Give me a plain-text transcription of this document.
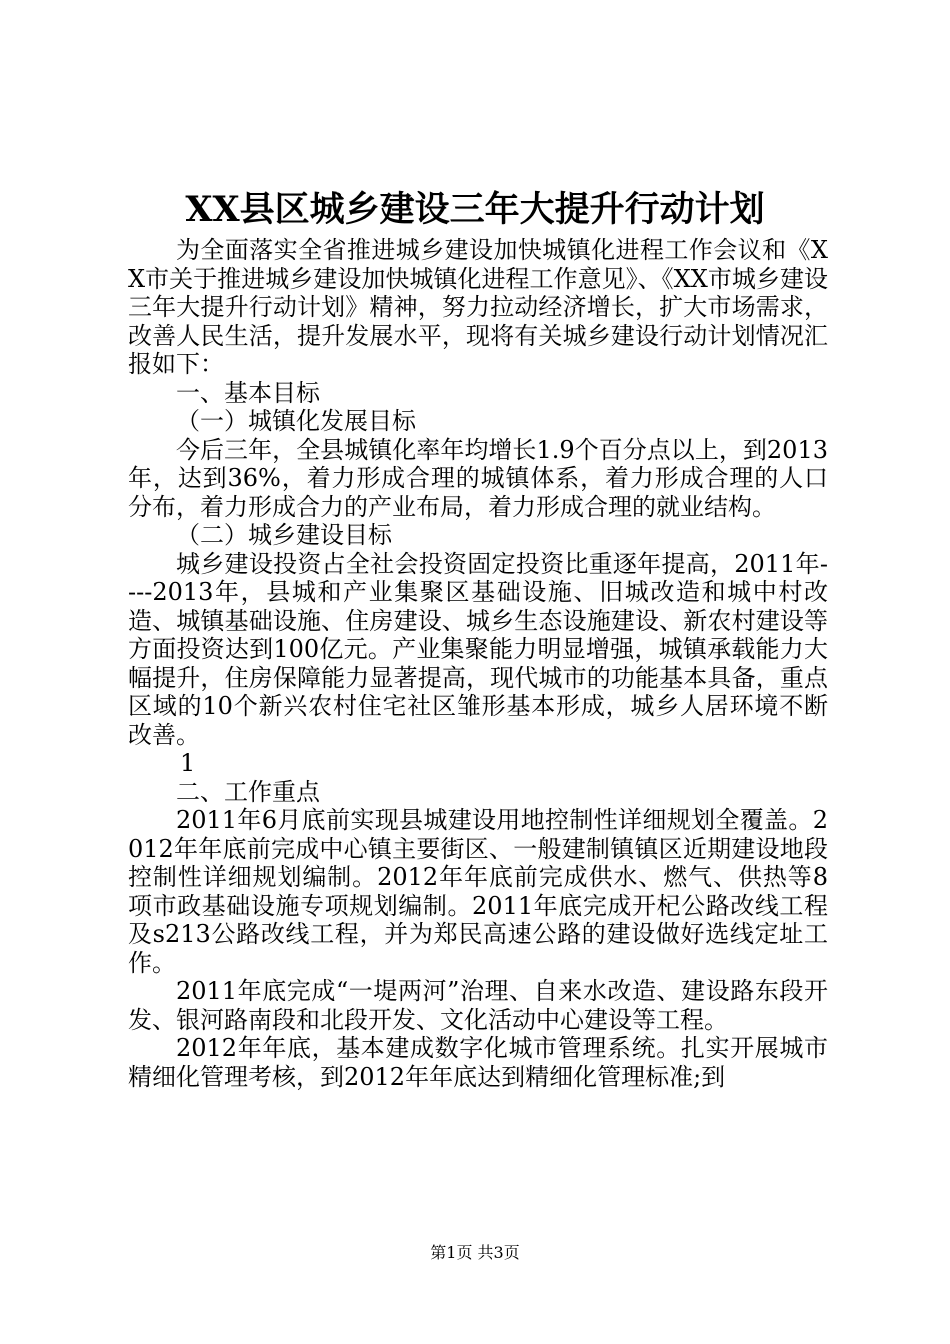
XX县区城乡建设三年大提升行动计划

为全面落实全省推进城乡建设加快城镇化进程工作会议和《XX市关于推进城乡建设加快城镇化进程工作意见》、《XX市城乡建设三年大提升行动计划》精神，努力拉动经济增长，扩大市场需求，改善人民生活，提升发展水平，现将有关城乡建设行动计划情况汇报如下：

一、基本目标

（一）城镇化发展目标

今后三年，全县城镇化率年均增长1.9个百分点以上，到2013年，达到36%，着力形成合理的城镇体系，着力形成合理的人口分布，着力形成合力的产业布局，着力形成合理的就业结构。

（二）城乡建设目标

城乡建设投资占全社会投资固定投资比重逐年提高，2011年----2013年，县城和产业集聚区基础设施、旧城改造和城中村改造、城镇基础设施、住房建设、城乡生态设施建设、新农村建设等方面投资达到100亿元。产业集聚能力明显增强，城镇承载能力大幅提升，住房保障能力显著提高，现代城市的功能基本具备，重点区域的10个新兴农村住宅社区雏形基本形成，城乡人居环境不断改善。

1

二、工作重点

2011年6月底前实现县城建设用地控制性详细规划全覆盖。2012年年底前完成中心镇主要街区、一般建制镇镇区近期建设地段控制性详细规划编制。2012年年底前完成供水、燃气、供热等8项市政基础设施专项规划编制。2011年底完成开杞公路改线工程及s213公路改线工程，并为郑民高速公路的建设做好选线定址工作。

2011年底完成“一堤两河”治理、自来水改造、建设路东段开发、银河路南段和北段开发、文化活动中心建设等工程。

2012年年底，基本建成数字化城市管理系统。扎实开展城市精细化管理考核，到2012年年底达到精细化管理标准;到

第1页 共3页
